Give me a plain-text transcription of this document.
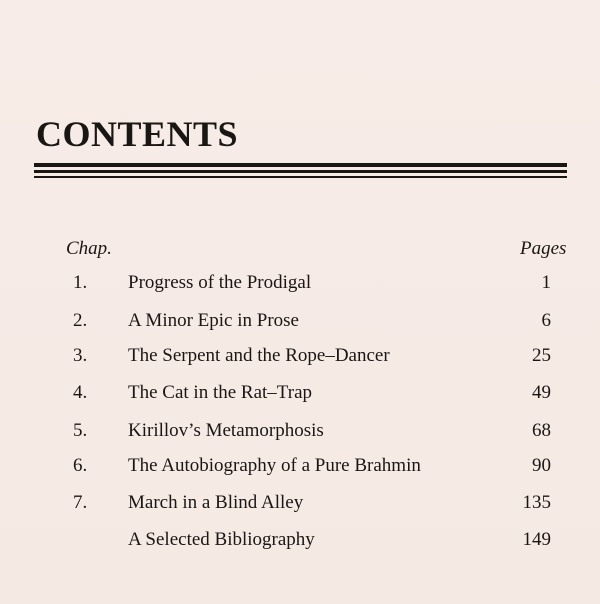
CONTENTS
Chap.	Pages
1. Progress of the Prodigal	1
2. A Minor Epic in Prose	6
3. The Serpent and the Rope–Dancer	25
4. The Cat in the Rat–Trap	49
5. Kirillov’s Metamorphosis	68
6. The Autobiography of a Pure Brahmin	90
7. March in a Blind Alley	135
A Selected Bibliography	149
